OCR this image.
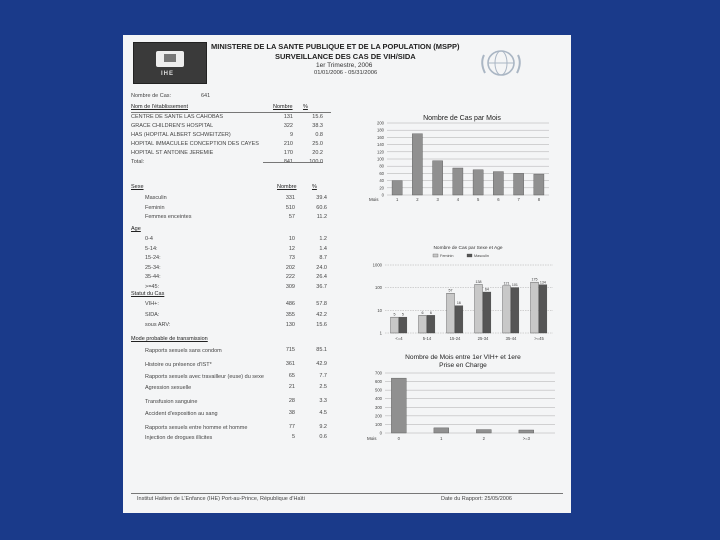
IHE
MINISTERE DE LA SANTE PUBLIQUE ET DE LA POPULATION (MSPP)
SURVEILLANCE DES CAS DE VIH/SIDA
1er Trimestre, 2006
01/01/2006 - 05/31/2006
Nombre de Cas:	641
Nom de l'établissement	Nombre %
CENTRE DE SANTE LAS CAHOBAS	131	15.6
GRACE CHILDREN'S HOSPITAL	322	38.3
HAS (HOPITAL ALBERT SCHWEITZER)	9	0.8
HOPITAL IMMACULEE CONCEPTION DES CAYES	210	25.0
HOPITAL ST ANTOINE JEREMIE	170	20.2
Total:	841	100.0
Sexe	Nombre	%
Masculin	331	39.4
Feminin	510	60.6
Femmes enceintes	57	11.2
Age
0-4	10	1.2
5-14:	12	1.4
15-24:	73	8.7
25-34:	202	24.0
35-44:	222	26.4
>=45:	309	36.7
Statut du Cas
VIH+:	486	57.8
SIDA:	355	42.2
sous ARV:	130	15.6
Mode probable de transmission
Rapports sexuels sans condom	715	85.1
Histoire ou présence d'IST*	361	42.9
Rapports sexuels avec travailleur (euse) du sexe	65	7.7
Agression sexuelle	21	2.5
Transfusion sanguine	28	3.3
Accident d'exposition au sang	38	4.5
Rapports sexuels entre homme et homme	77	9.2
Injection de drogues illicites	5	0.6
Nombre de Cas par Mois
200
180
160
140
120
100
80
60
40
20
0
1	2	3	4	5	6	7	8
Mois
Nombre de Cas par Sexe et Age
Feminin	Masculin
1000
100
10
1
5 5
<=4
6 6
5-14
57
16
15-24
138
64
25-34
121 101
35-44
175
134
>=45
Nombre de Mois entre 1er VIH+ et 1ere
Prise en Charge
700
600
500
400
300
200
100
0
0	1	2	>=3
Mois
Institut Haïtien de L'Enfance (IHE) Port-au-Prince, République d'Haïti	Date du Rapport: 25/05/2006
